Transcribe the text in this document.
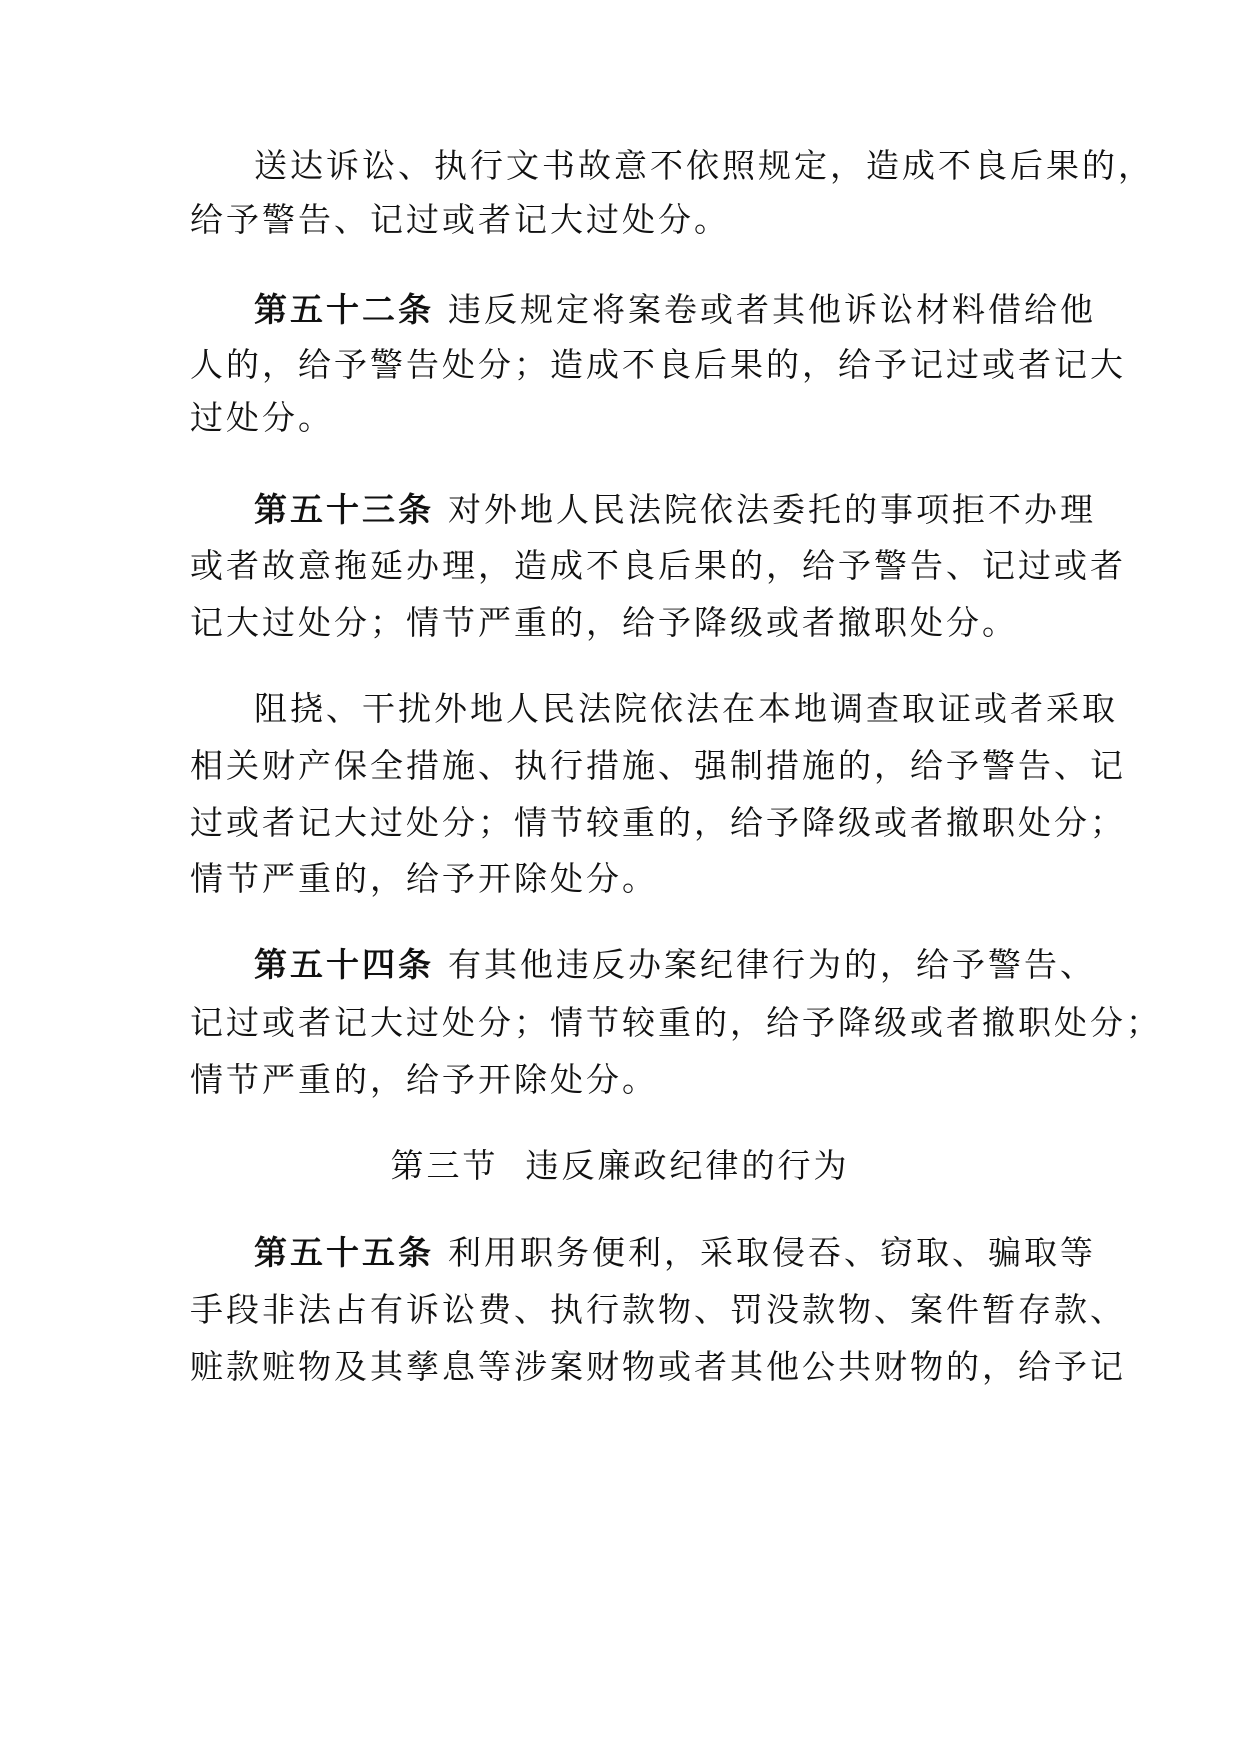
送达诉讼、执行文书故意不依照规定，造成不良后果的，
给予警告、记过或者记大过处分。
第五十二条 违反规定将案卷或者其他诉讼材料借给他
人的，给予警告处分；造成不良后果的，给予记过或者记大
过处分。
第五十三条 对外地人民法院依法委托的事项拒不办理
或者故意拖延办理，造成不良后果的，给予警告、记过或者
记大过处分；情节严重的，给予降级或者撤职处分。
阻挠、干扰外地人民法院依法在本地调查取证或者采取
相关财产保全措施、执行措施、强制措施的，给予警告、记
过或者记大过处分；情节较重的，给予降级或者撤职处分；
情节严重的，给予开除处分。
第五十四条 有其他违反办案纪律行为的，给予警告、
记过或者记大过处分；情节较重的，给予降级或者撤职处分；
情节严重的，给予开除处分。
第三节  违反廉政纪律的行为
第五十五条 利用职务便利，采取侵吞、窃取、骗取等
手段非法占有诉讼费、执行款物、罚没款物、案件暂存款、
赃款赃物及其孳息等涉案财物或者其他公共财物的，给予记
